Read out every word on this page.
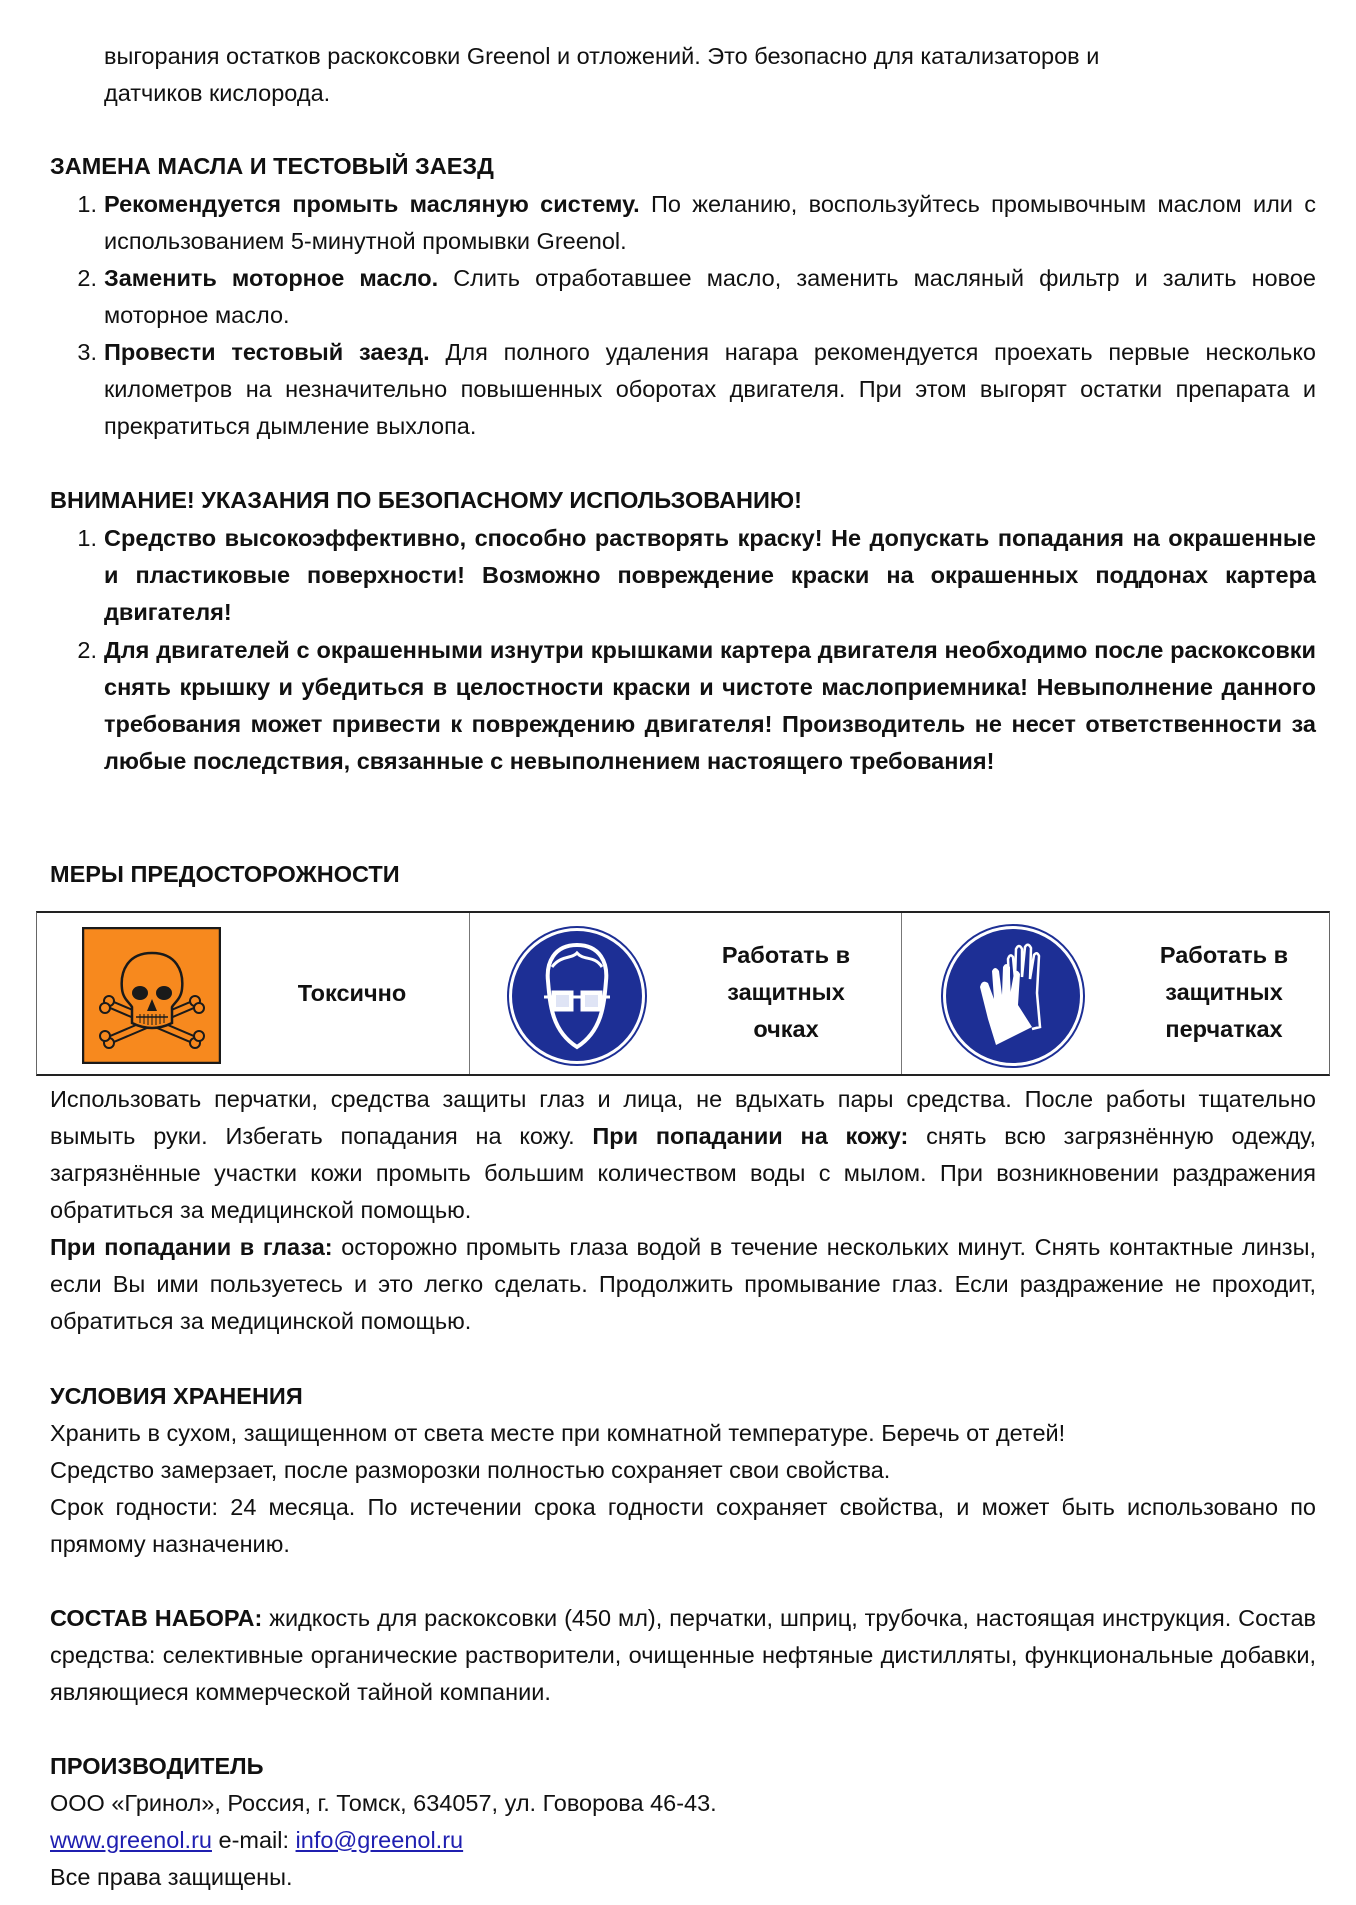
выгорания остатков раскоксовки Greenol и отложений. Это безопасно для катализаторов и
датчиков кислорода.
ЗАМЕНА МАСЛА И ТЕСТОВЫЙ ЗАЕЗД
1. Рекомендуется промыть масляную систему. По желанию, воспользуйтесь промывочным маслом или с использованием 5-минутной промывки Greenol.
2. Заменить моторное масло. Слить отработавшее масло, заменить масляный фильтр и залить новое моторное масло.
3. Провести тестовый заезд. Для полного удаления нагара рекомендуется проехать первые несколько километров на незначительно повышенных оборотах двигателя. При этом выгорят остатки препарата и прекратиться дымление выхлопа.
ВНИМАНИЕ! УКАЗАНИЯ ПО БЕЗОПАСНОМУ ИСПОЛЬЗОВАНИЮ!
1. Средство высокоэффективно, способно растворять краску! Не допускать попадания на окрашенные и пластиковые поверхности! Возможно повреждение краски на окрашенных поддонах картера двигателя!
2. Для двигателей с окрашенными изнутри крышками картера двигателя необходимо после раскоксовки снять крышку и убедиться в целостности краски и чистоте маслоприемника! Невыполнение данного требования может привести к повреждению двигателя! Производитель не несет ответственности за любые последствия, связанные с невыполнением настоящего требования!
МЕРЫ ПРЕДОСТОРОЖНОСТИ
Токсично
Работать в
защитных
очках
Работать в
защитных
перчатках
Использовать перчатки, средства защиты глаз и лица, не вдыхать пары средства. После работы тщательно вымыть руки. Избегать попадания на кожу. При попадании на кожу: снять всю загрязнённую одежду, загрязнённые участки кожи промыть большим количеством воды с мылом. При возникновении раздражения обратиться за медицинской помощью.
При попадании в глаза: осторожно промыть глаза водой в течение нескольких минут. Снять контактные линзы, если Вы ими пользуетесь и это легко сделать. Продолжить промывание глаз. Если раздражение не проходит, обратиться за медицинской помощью.
УСЛОВИЯ ХРАНЕНИЯ
Хранить в сухом, защищенном от света месте при комнатной температуре. Беречь от детей!
Средство замерзает, после разморозки полностью сохраняет свои свойства.
Срок годности: 24 месяца. По истечении срока годности сохраняет свойства, и может быть использовано по прямому назначению.
СОСТАВ НАБОРА: жидкость для раскоксовки (450 мл), перчатки, шприц, трубочка, настоящая инструкция. Состав средства: селективные органические растворители, очищенные нефтяные дистилляты, функциональные добавки, являющиеся коммерческой тайной компании.
ПРОИЗВОДИТЕЛЬ
ООО «Гринол», Россия, г. Томск, 634057, ул. Говорова 46-43.
www.greenol.ru e-mail: info@greenol.ru
Все права защищены.
